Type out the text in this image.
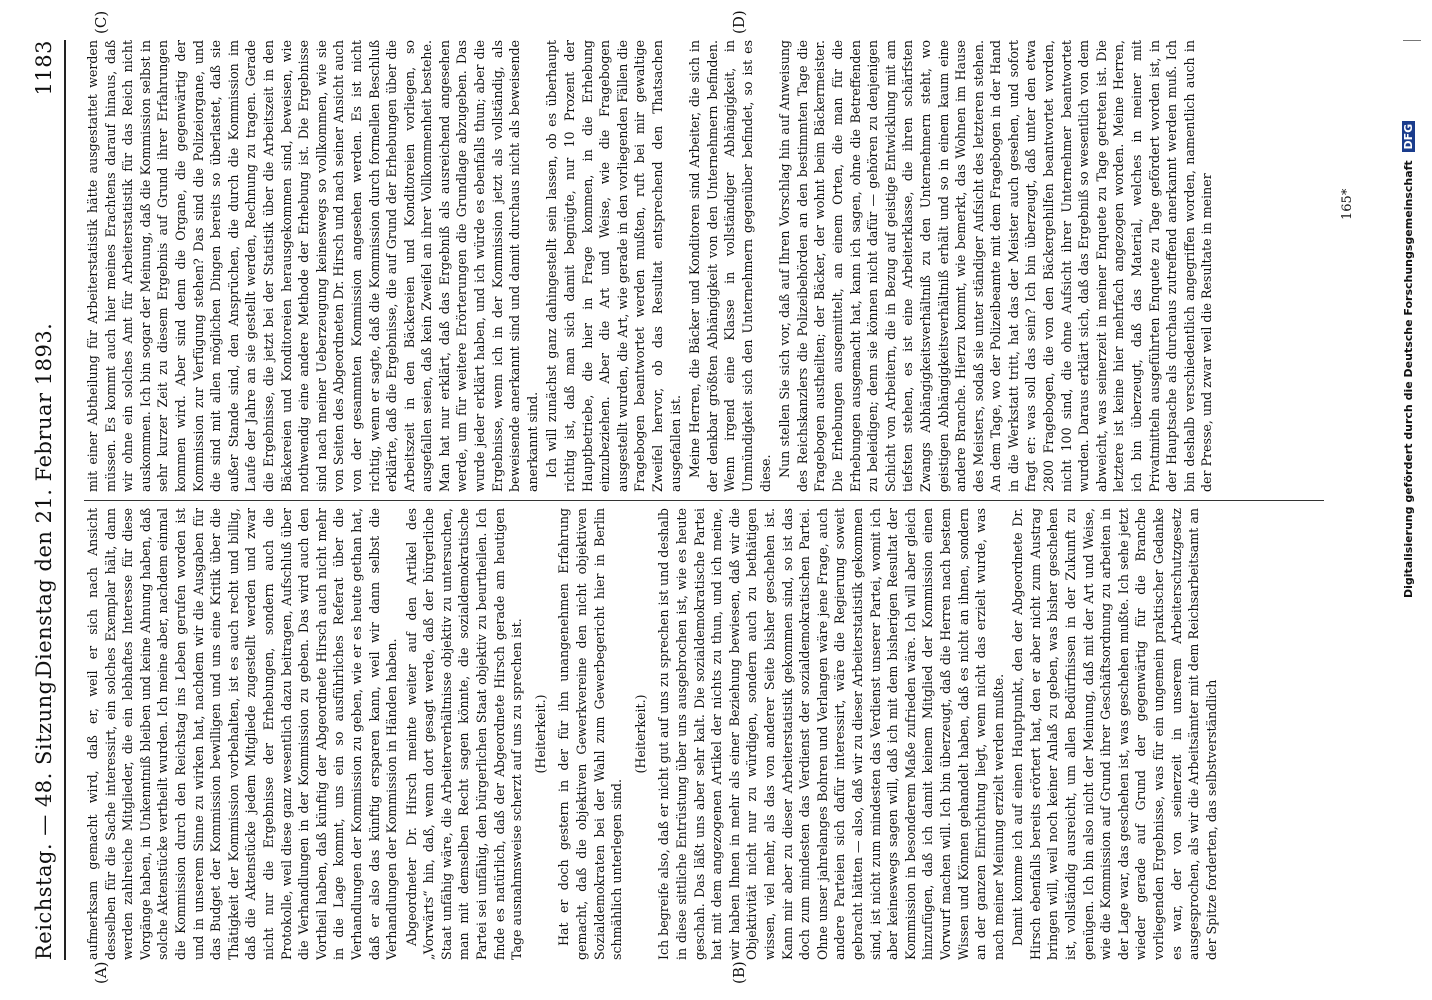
Reichstag. — 48. Sitzung.
Dienstag den 21. Februar 1893.
1183
(A)	(B)
(C)	(D)

aufmerksam gemacht wird, daß er, weil er sich nach Ansicht desselben für die Sache interessirt, ein solches Exemplar hält, dann werden zahlreiche Mitglieder, die ein lebhaftes Interesse für diese Vorgänge haben, in Unkenntniß bleiben und keine Ahnung haben, daß solche Aktenstücke vertheilt wurden. Ich meine aber, nachdem einmal die Kommission durch den Reichstag ins Leben gerufen worden ist und in unserem Sinne zu wirken hat, nachdem wir die Ausgaben für das Budget der Kommission bewilligen und uns eine Kritik über die Thätigkeit der Kommission vorbehalten, ist es auch recht und billig, daß die Aktenstücke jedem Mitgliede zugestellt werden und zwar nicht nur die Ergebnisse der Erhebungen, sondern auch die Protokolle, weil diese ganz wesentlich dazu beitragen, Aufschluß über die Verhandlungen in der Kommission zu geben. Das wird auch den Vortheil haben, daß künftig der Abgeordnete Hirsch auch nicht mehr in die Lage kommt, uns ein so ausführliches Referat über die Verhandlungen der Kommission zu geben, wie er es heute gethan hat, daß er also das künftig ersparen kann, weil wir dann selbst die Verhandlungen der Kommission in Händen haben. Abgeordneter Dr. Hirsch meinte weiter auf den Artikel des „Vorwärts“ hin, daß, wenn dort gesagt werde, daß der bürgerliche Staat unfähig wäre, die Arbeiterverhältnisse objektiv zu untersuchen, man mit demselben Recht sagen könnte, die sozialdemokratische Partei sei unfähig, den bürgerlichen Staat objektiv zu beurtheilen. Ich finde es natürlich, daß der Abgeordnete Hirsch gerade am heutigen Tage ausnahmsweise scherzt auf uns zu sprechen ist. (Heiterkeit.) Hat er doch gestern in der für ihn unangenehmen Erfahrung gemacht, daß die objektiven Gewerkvereine den nicht objektiven Sozialdemokraten bei der Wahl zum Gewerbegericht hier in Berlin schmählich unterlegen sind.

(Heiterkeit.) Ich begreife also, daß er nicht gut auf uns zu sprechen ist und deshalb in diese sittliche Entrüstung über uns ausgebrochen ist, wie es heute geschah. Das läßt uns aber sehr kalt. Die sozialdemokratische Partei hat mit dem angezogenen Artikel der nichts zu thun, und ich meine, wir haben Ihnen in mehr als einer Beziehung bewiesen, daß wir die Objektivität nicht nur zu würdigen, sondern auch zu bethätigen wissen, viel mehr, als das von anderer Seite bisher geschehen ist. Kann mir aber zu dieser Arbeiterstatistik gekommen sind, so ist das doch zum mindesten das Verdienst der sozialdemokratischen Partei. Ohne unser jahrelanges Bohren und Verlangen wäre jene Frage, auch andere Parteien sich dafür interessirt, wäre die Regierung soweit gebracht hätten — also, daß wir zu dieser Arbeiterstatistik gekommen sind, ist nicht zum mindesten das Verdienst unserer Partei, womit ich aber keineswegs sagen will, daß ich mit dem bisherigen Resultat der Kommission in besonderem Maße zufrieden wäre. Ich will aber gleich hinzufügen, daß ich damit keinem Mitglied der Kommission einen Vorwurf machen will. Ich bin überzeugt, daß die Herren nach bestem Wissen und Können gehandelt haben, daß es nicht an ihnen, sondern an der ganzen Einrichtung liegt, wenn nicht das erzielt wurde, was nach meiner Meinung erzielt werden mußte. Damit komme ich auf einen Hauptpunkt, den der Abgeordnete Dr. Hirsch ebenfalls bereits erörtert hat, den er aber nicht zum Austrag bringen will, weil noch keiner Anlaß zu geben, was bisher geschehen ist, vollständig ausreicht, um allen Bedürfnissen in der Zukunft zu genügen. Ich bin also nicht der Meinung, daß mit der Art und Weise, wie die Kommission auf Grund ihrer Geschäftsordnung zu arbeiten in der Lage war, das geschehen ist, was geschehen mußte. Ich sehe jetzt wieder gerade auf Grund der gegenwärtig für die Branche vorliegenden Ergebnisse, was für ein ungemein praktischer Gedanke es war, der von seinerzeit in unserem Arbeiterschutzgesetz ausgesprochen, als wir die Arbeitsämter mit dem Reichsarbeitsamt an der Spitze forderten, das selbstverständlich

mit einer Abtheilung für Arbeiterstatistik hätte ausgestattet werden müssen. Es kommt auch hier meines Erachtens darauf hinaus, daß wir ohne ein solches Amt für Arbeiterstatistik für das Reich nicht auskommen. Ich bin sogar der Meinung, daß die Kommission selbst in sehr kurzer Zeit zu diesem Ergebnis auf Grund ihrer Erfahrungen kommen wird. Aber sind denn die Organe, die gegenwärtig der Kommission zur Verfügung stehen? Das sind die Polizeiorgane, und die sind mit allen möglichen Dingen bereits so überlastet, daß sie außer Stande sind, den Ansprüchen, die durch die Kommission im Laufe der Jahre an sie gestellt werden, Rechnung zu tragen. Gerade die Ergebnisse, die jetzt bei der Statistik über die Arbeitszeit in den Bäckereien und Konditoreien herausgekommen sind, beweisen, wie nothwendig eine andere Methode der Erhebung ist. Die Ergebnisse sind nach meiner Ueberzeugung keineswegs so vollkommen, wie sie von Seiten des Abgeordneten Dr. Hirsch und nach seiner Ansicht auch von der gesammten Kommission angesehen werden. Es ist nicht richtig, wenn er sagte, daß die Kommission durch formellen Beschluß erklärte, daß die Ergebnisse, die auf Grund der Erhebungen über die Arbeitszeit in den Bäckereien und Konditoreien vorliegen, so ausgefallen seien, daß kein Zweifel an ihrer Vollkommenheit bestehe. Man hat nur erklärt, daß das Ergebniß als ausreichend angesehen werde, um für weitere Erörterungen die Grundlage abzugeben. Das wurde jeder erklärt haben, und ich würde es ebenfalls thun; aber die Ergebnisse, wenn ich in der Kommission jetzt als vollständig, als beweisende anerkannt sind und damit durchaus nicht als beweisende anerkannt sind. Ich will zunächst ganz dahingestellt sein lassen, ob es überhaupt richtig ist, daß man sich damit begnügte, nur 10 Prozent der Hauptbetriebe, die hier in Frage kommen, in die Erhebung einzubeziehen. Aber die Art und Weise, wie die Fragebogen ausgestellt wurden, die Art, wie gerade in den vorliegenden Fällen die Fragebogen beantwortet werden mußten, ruft bei mir gewaltige Zweifel hervor, ob das Resultat entsprechend den Thatsachen ausgefallen ist. Meine Herren, die Bäcker und Konditoren sind Arbeiter, die sich in der denkbar größten Abhängigkeit von den Unternehmern befinden. Wenn irgend eine Klasse in vollständiger Abhängigkeit, in Unmündigkeit sich den Unternehmern gegenüber befindet, so ist es diese. Nun stellen Sie sich vor, daß auf Ihren Vorschlag hin auf Anweisung des Reichskanzlers die Polizeibehörden an den bestimmten Tage die Fragebogen austheilten; der Bäcker, der wohnt beim Bäckermeister. Die Erhebungen ausgemittelt, an einem Orten, die man für die Erhebungen ausgemacht hat, kann ich sagen, ohne die Betreffenden zu beleidigen; denn sie können nicht dafür — gehören zu denjenigen Schicht von Arbeitern, die in Bezug auf geistige Entwicklung mit am tiefsten stehen, es ist eine Arbeiterklasse, die ihren schärfsten Zwangs Abhängigkeitsverhältniß zu den Unternehmern steht, wo geistigen Abhängigkeitsverhältniß erhält und so in einem kaum eine andere Branche. Hierzu kommt, wie bemerkt, das Wohnen im Hause des Meisters, sodaß sie unter ständiger Aufsicht des letzteren stehen. An dem Tage, wo der Polizeibeamte mit dem Fragebogen in der Hand in die Werkstatt tritt, hat das der Meister auch gesehen, und sofort fragt er: was soll das sein? Ich bin überzeugt, daß unter den etwa 2800 Fragebogen, die von den Bäckergehilfen beantwortet worden, nicht 100 sind, die ohne Aufsicht ihrer Unternehmer beantwortet wurden. Daraus erklärt sich, daß das Ergebniß so wesentlich von dem abweicht, was seinerzeit in meiner Enquete zu Tage getreten ist. Die letztere ist keine hier mehrfach angezogen worden. Meine Herren, ich bin überzeugt, daß das Material, welches in meiner mit Privatmitteln ausgeführten Enquete zu Tage gefördert worden ist, in der Hauptsache als durchaus zutreffend anerkannt werden muß. Ich bin deshalb verschiedentlich angegriffen worden, namentlich auch in der Presse, und zwar weil die Resultate in meiner	165*	Digitalisierung gefördert durch die Deutsche Forschungsgemeinschaft DFG
